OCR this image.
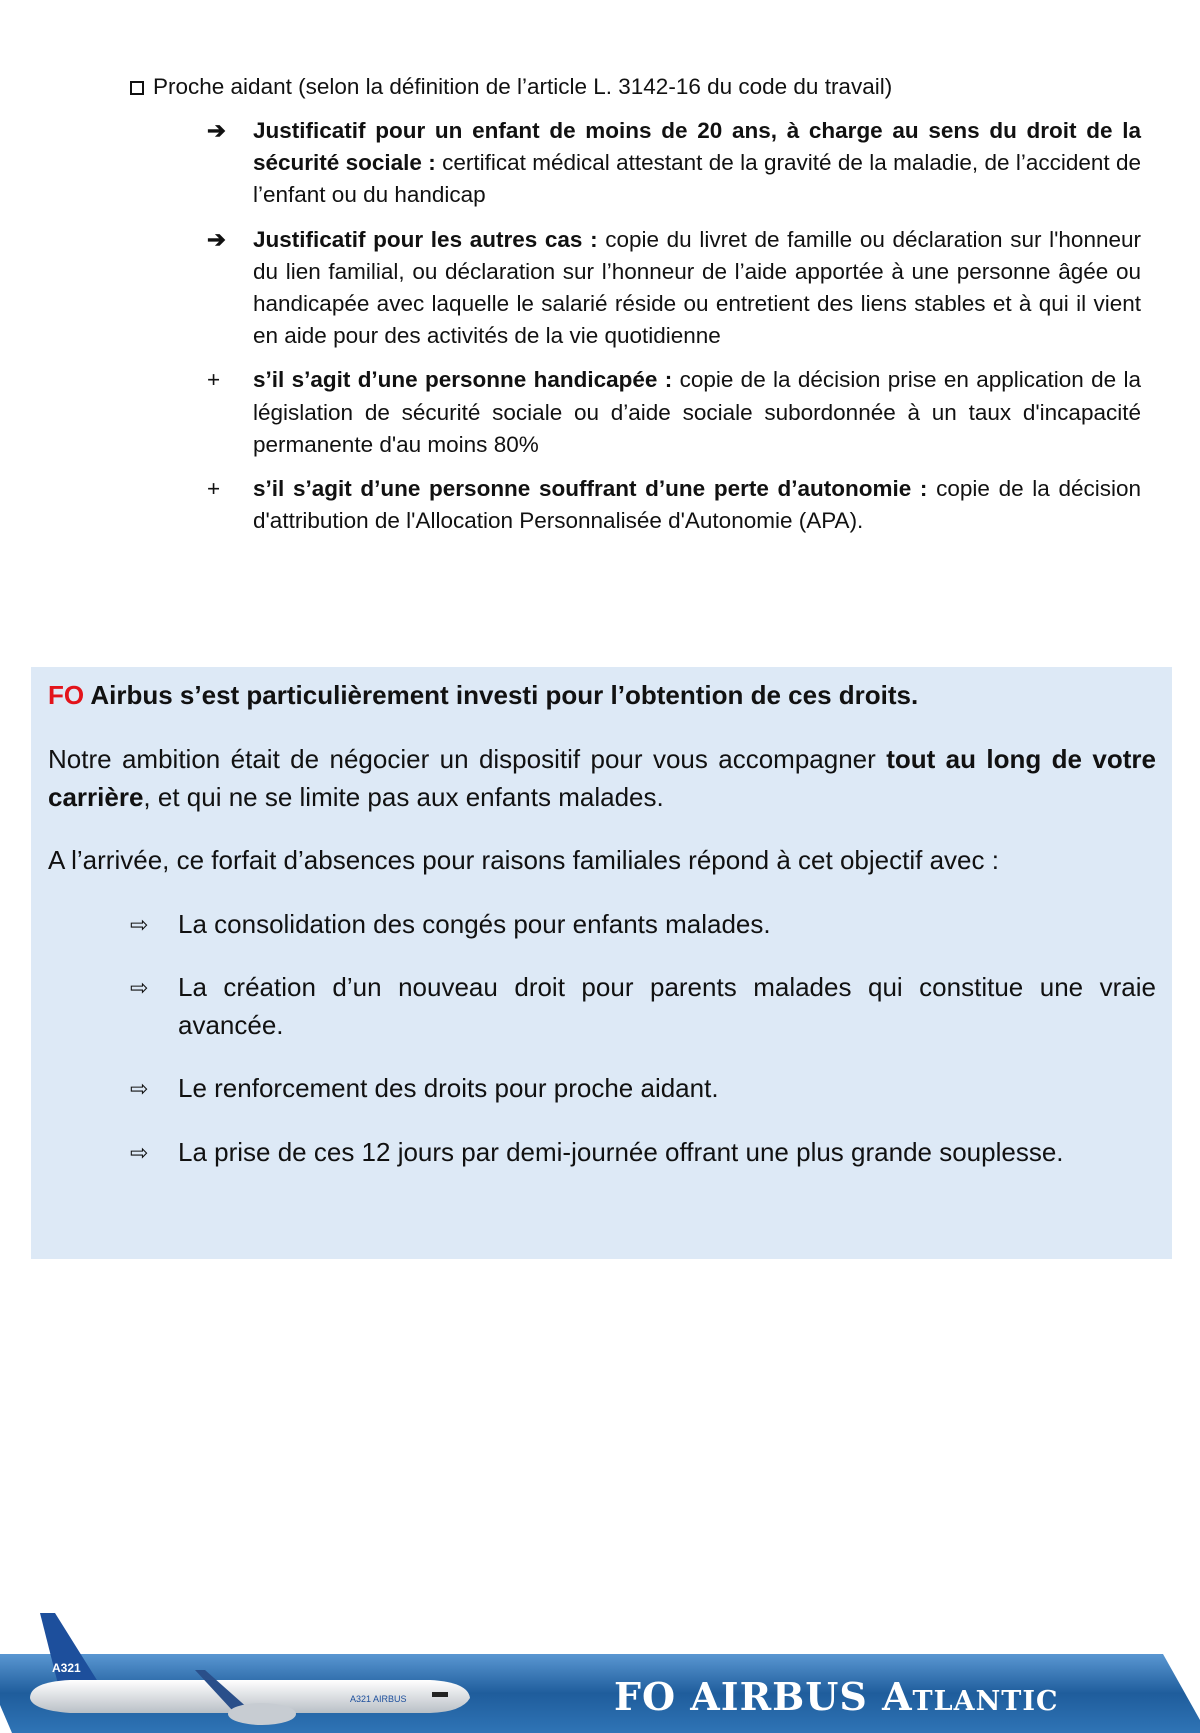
Proche aidant (selon la définition de l’article L. 3142-16 du code du travail)
➔ Justificatif pour un enfant de moins de 20 ans, à charge au sens du droit de la sécurité sociale : certificat médical attestant de la gravité de la maladie, de l’accident de l’enfant ou du handicap
➔ Justificatif pour les autres cas : copie du livret de famille ou déclaration sur l'honneur du lien familial, ou déclaration sur l’honneur de l’aide apportée à une personne âgée ou handicapée avec laquelle le salarié réside ou entretient des liens stables et à qui il vient en aide pour des activités de la vie quotidienne
+ s’il s’agit d’une personne handicapée : copie de la décision prise en application de la législation de sécurité sociale ou d’aide sociale subordonnée à un taux d'incapacité permanente d'au moins 80%
+ s’il s’agit d’une personne souffrant d’une perte d’autonomie : copie de la décision d'attribution de l'Allocation Personnalisée d'Autonomie (APA).

FO Airbus s’est particulièrement investi pour l’obtention de ces droits.

Notre ambition était de négocier un dispositif pour vous accompagner tout au long de votre carrière, et qui ne se limite pas aux enfants malades.

A l’arrivée, ce forfait d’absences pour raisons familiales répond à cet objectif avec :

⇨ La consolidation des congés pour enfants malades.
⇨ La création d’un nouveau droit pour parents malades qui constitue une vraie avancée.
⇨ Le renforcement des droits pour proche aidant.
⇨ La prise de ces 12 jours par demi-journée offrant une plus grande souplesse.
A321
A321 AIRBUS	FO AIRBUS Atlantic
